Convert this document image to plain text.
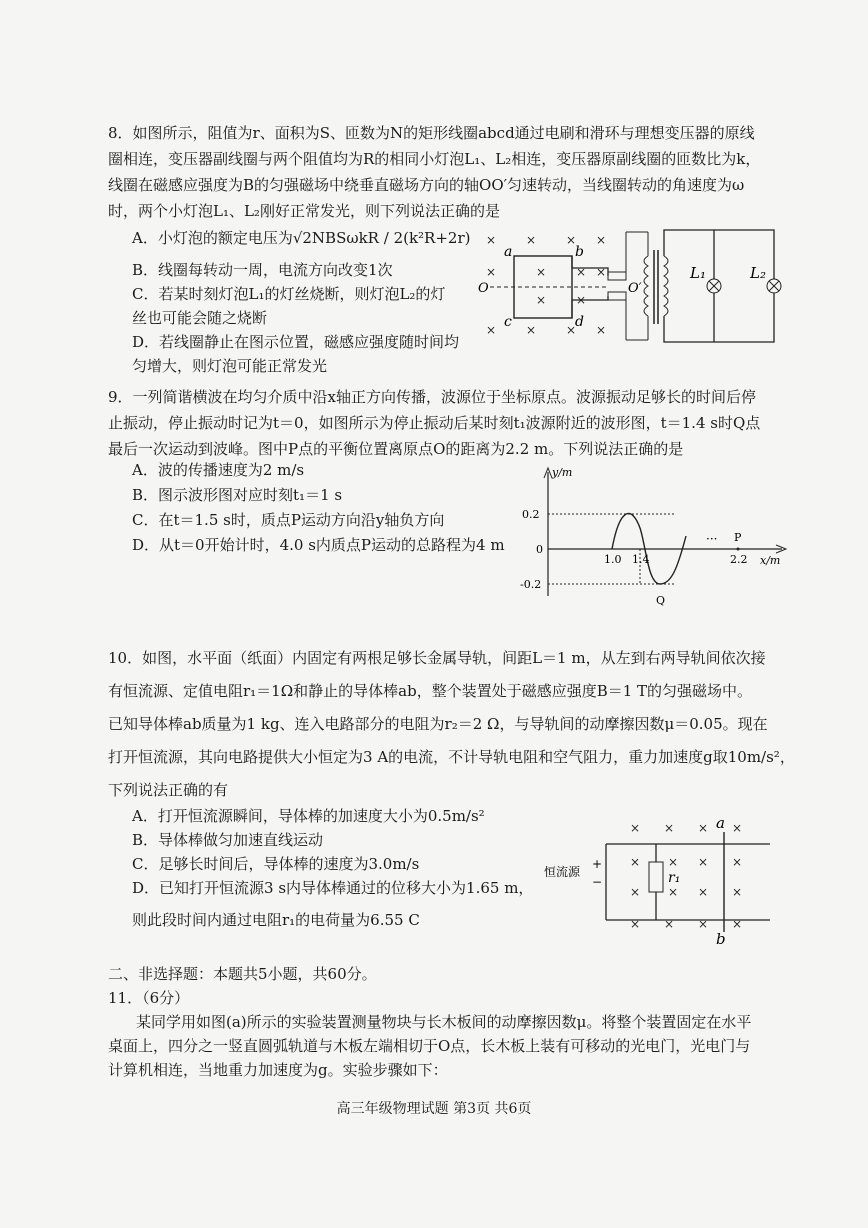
8．如图所示，阻值为r、面积为S、匝数为N的矩形线圈abcd通过电刷和滑环与理想变压器的原线

圈相连，变压器副线圈与两个阻值均为R的相同小灯泡L₁、L₂相连，变压器原副线圈的匝数比为k，

线圈在磁感应强度为B的匀强磁场中绕垂直磁场方向的轴OO′匀速转动，当线圈转动的角速度为ω

时，两个小灯泡L₁、L₂刚好正常发光，则下列说法正确的是

A．小灯泡的额定电压为√2NBSωkR / 2(k²R+2r)

B．线圈每转动一周，电流方向改变1次

C．若某时刻灯泡L₁的灯丝烧断，则灯泡L₂的灯

丝也可能会随之烧断

D．若线圈静止在图示位置，磁感应强度随时间均

匀增大，则灯泡可能正常发光

× × × ×
×	× × ×
× ×
× × × ×
a	b
c	d
O	O′
L₁	L₂

9．一列简谐横波在均匀介质中沿x轴正方向传播，波源位于坐标原点。波源振动足够长的时间后停

止振动，停止振动时记为t＝0，如图所示为停止振动后某时刻t₁波源附近的波形图，t＝1.4 s时Q点

最后一次运动到波峰。图中P点的平衡位置离原点O的距离为2.2 m。下列说法正确的是

A．波的传播速度为2 m/s

B．图示波形图对应时刻t₁＝1 s

C．在t＝1.5 s时，质点P运动方向沿y轴负方向

D．从t＝0开始计时，4.0 s内质点P运动的总路程为4 m

y/m
x/m
0.2
0
-0.2
1.0 1.4	2.2
··· P
Q

10．如图，水平面（纸面）内固定有两根足够长金属导轨，间距L＝1 m，从左到右两导轨间依次接

有恒流源、定值电阻r₁＝1Ω和静止的导体棒ab，整个装置处于磁感应强度B＝1 T的匀强磁场中。

已知导体棒ab质量为1 kg、连入电路部分的电阻为r₂＝2 Ω，与导轨间的动摩擦因数μ＝0.05。现在

打开恒流源，其向电路提供大小恒定为3 A的电流，不计导轨电阻和空气阻力，重力加速度g取10m/s²，

下列说法正确的有

A．打开恒流源瞬间，导体棒的加速度大小为0.5m/s²

B．导体棒做匀加速直线运动

C．足够长时间后，导体棒的速度为3.0m/s

D．已知打开恒流源3 s内导体棒通过的位移大小为1.65 m，

则此段时间内通过电阻r₁的电荷量为6.55 C

恒流源
+
−	r₁
a
b
× × × ×
× × × ×
× × × ×
× × × ×

二、非选择题：本题共5小题，共60分。

11．（6分）

某同学用如图(a)所示的实验装置测量物块与长木板间的动摩擦因数μ。将整个装置固定在水平

桌面上，四分之一竖直圆弧轨道与木板左端相切于O点，长木板上装有可移动的光电门，光电门与

计算机相连，当地重力加速度为g。实验步骤如下：

高三年级物理试题 第3页 共6页
